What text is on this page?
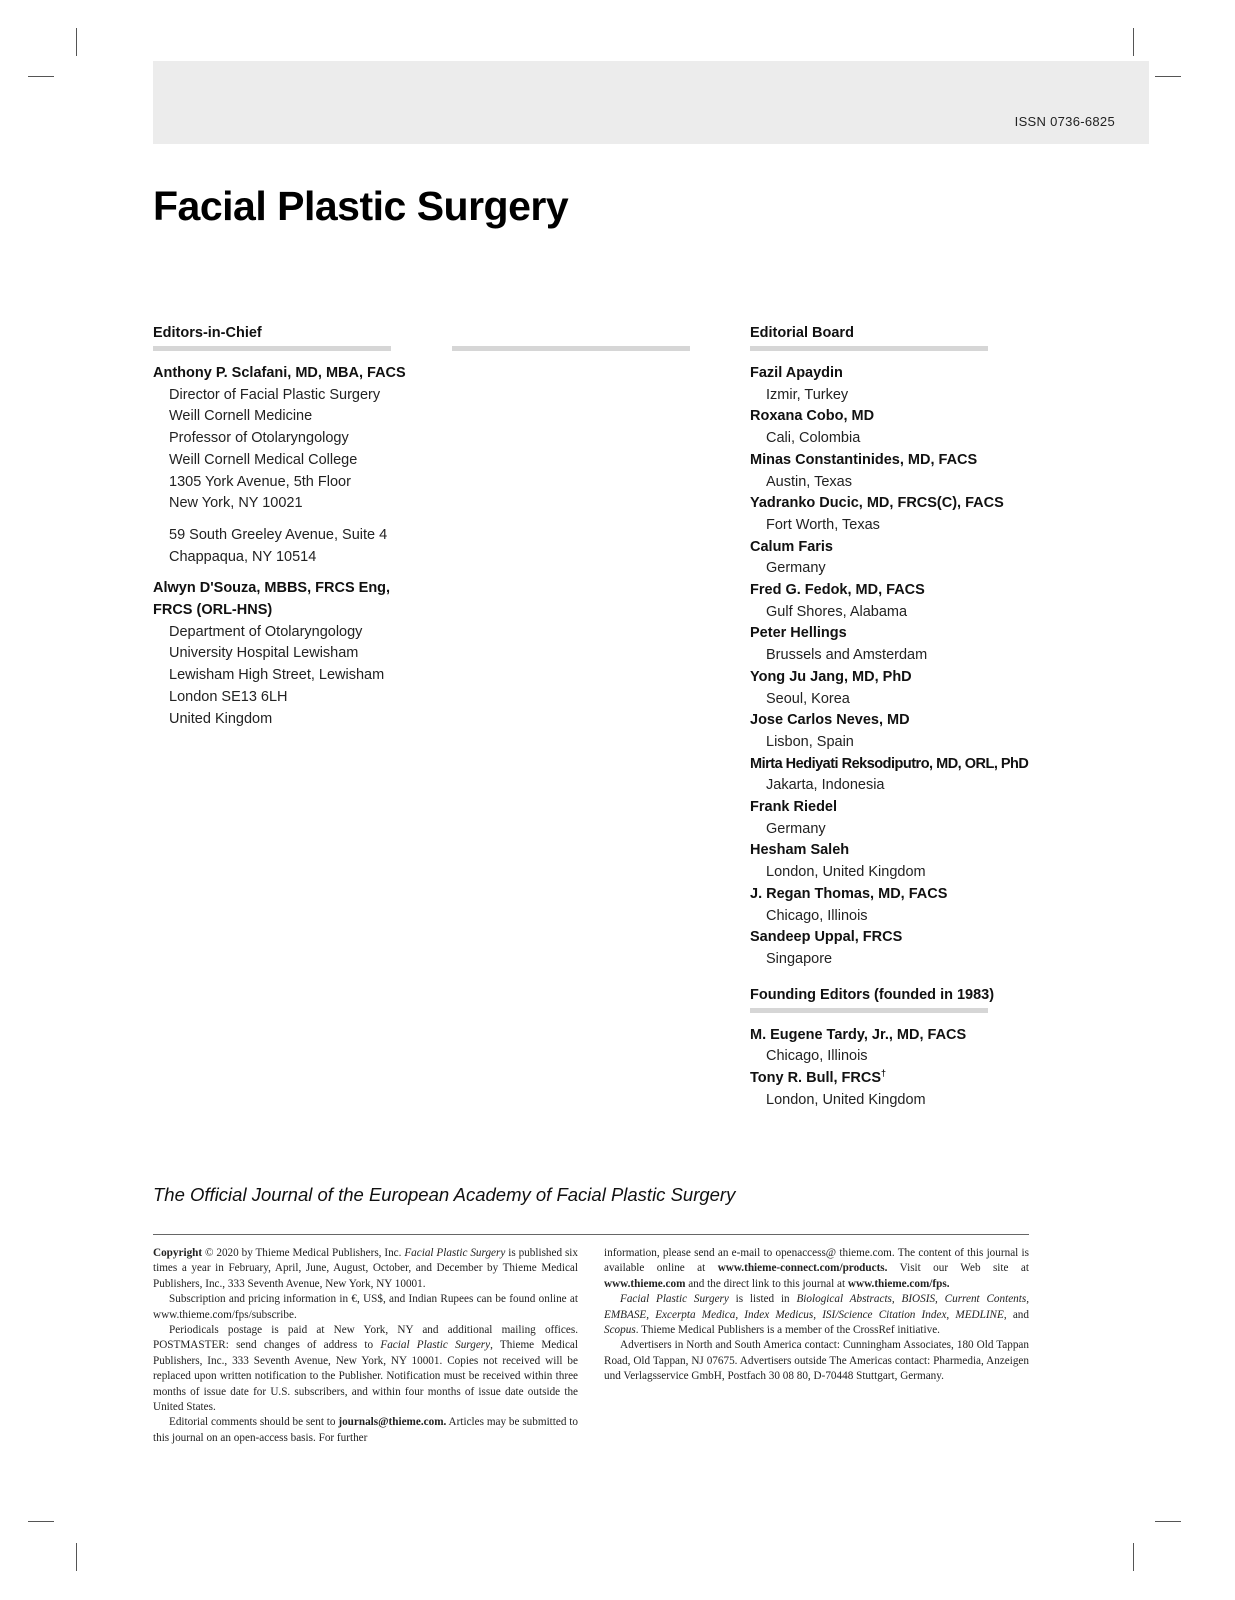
ISSN 0736-6825
Facial Plastic Surgery
Editors-in-Chief
Anthony P. Sclafani, MD, MBA, FACS
Director of Facial Plastic Surgery
Weill Cornell Medicine
Professor of Otolaryngology
Weill Cornell Medical College
1305 York Avenue, 5th Floor
New York, NY 10021
59 South Greeley Avenue, Suite 4
Chappaqua, NY 10514
Alwyn D'Souza, MBBS, FRCS Eng,
FRCS (ORL-HNS)
Department of Otolaryngology
University Hospital Lewisham
Lewisham High Street, Lewisham
London SE13 6LH
United Kingdom
Editorial Board
Fazil Apaydin
Izmir, Turkey
Roxana Cobo, MD
Cali, Colombia
Minas Constantinides, MD, FACS
Austin, Texas
Yadranko Ducic, MD, FRCS(C), FACS
Fort Worth, Texas
Calum Faris
Germany
Fred G. Fedok, MD, FACS
Gulf Shores, Alabama
Peter Hellings
Brussels and Amsterdam
Yong Ju Jang, MD, PhD
Seoul, Korea
Jose Carlos Neves, MD
Lisbon, Spain
Mirta Hediyati Reksodiputro, MD, ORL, PhD
Jakarta, Indonesia
Frank Riedel
Germany
Hesham Saleh
London, United Kingdom
J. Regan Thomas, MD, FACS
Chicago, Illinois
Sandeep Uppal, FRCS
Singapore
Founding Editors (founded in 1983)
M. Eugene Tardy, Jr., MD, FACS
Chicago, Illinois
Tony R. Bull, FRCS†
London, United Kingdom
The Official Journal of the European Academy of Facial Plastic Surgery

Copyright © 2020 by Thieme Medical Publishers, Inc. Facial Plastic Surgery is published six times a year in February, April, June, August, October, and December by Thieme Medical Publishers, Inc., 333 Seventh Avenue, New York, NY 10001.

Subscription and pricing information in €, US$, and Indian Rupees can be found online at www.thieme.com/fps/subscribe.

Periodicals postage is paid at New York, NY and additional mailing offices. POSTMASTER: send changes of address to Facial Plastic Surgery, Thieme Medical Publishers, Inc., 333 Seventh Avenue, New York, NY 10001. Copies not received will be replaced upon written notification to the Publisher. Notification must be received within three months of issue date for U.S. subscribers, and within four months of issue date outside the United States.

Editorial comments should be sent to journals@thieme.com. Articles may be submitted to this journal on an open-access basis. For further

information, please send an e-mail to openaccess@ thieme.com. The content of this journal is available online at www.thieme-connect.com/products. Visit our Web site at www.thieme.com and the direct link to this journal at www.thieme.com/fps.

Facial Plastic Surgery is listed in Biological Abstracts, BIOSIS, Current Contents, EMBASE, Excerpta Medica, Index Medicus, ISI/Science Citation Index, MEDLINE, and Scopus. Thieme Medical Publishers is a member of the CrossRef initiative.

Advertisers in North and South America contact: Cunningham Associates, 180 Old Tappan Road, Old Tappan, NJ 07675. Advertisers outside The Americas contact: Pharmedia, Anzeigen und Verlagsservice GmbH, Postfach 30 08 80, D-70448 Stuttgart, Germany.
